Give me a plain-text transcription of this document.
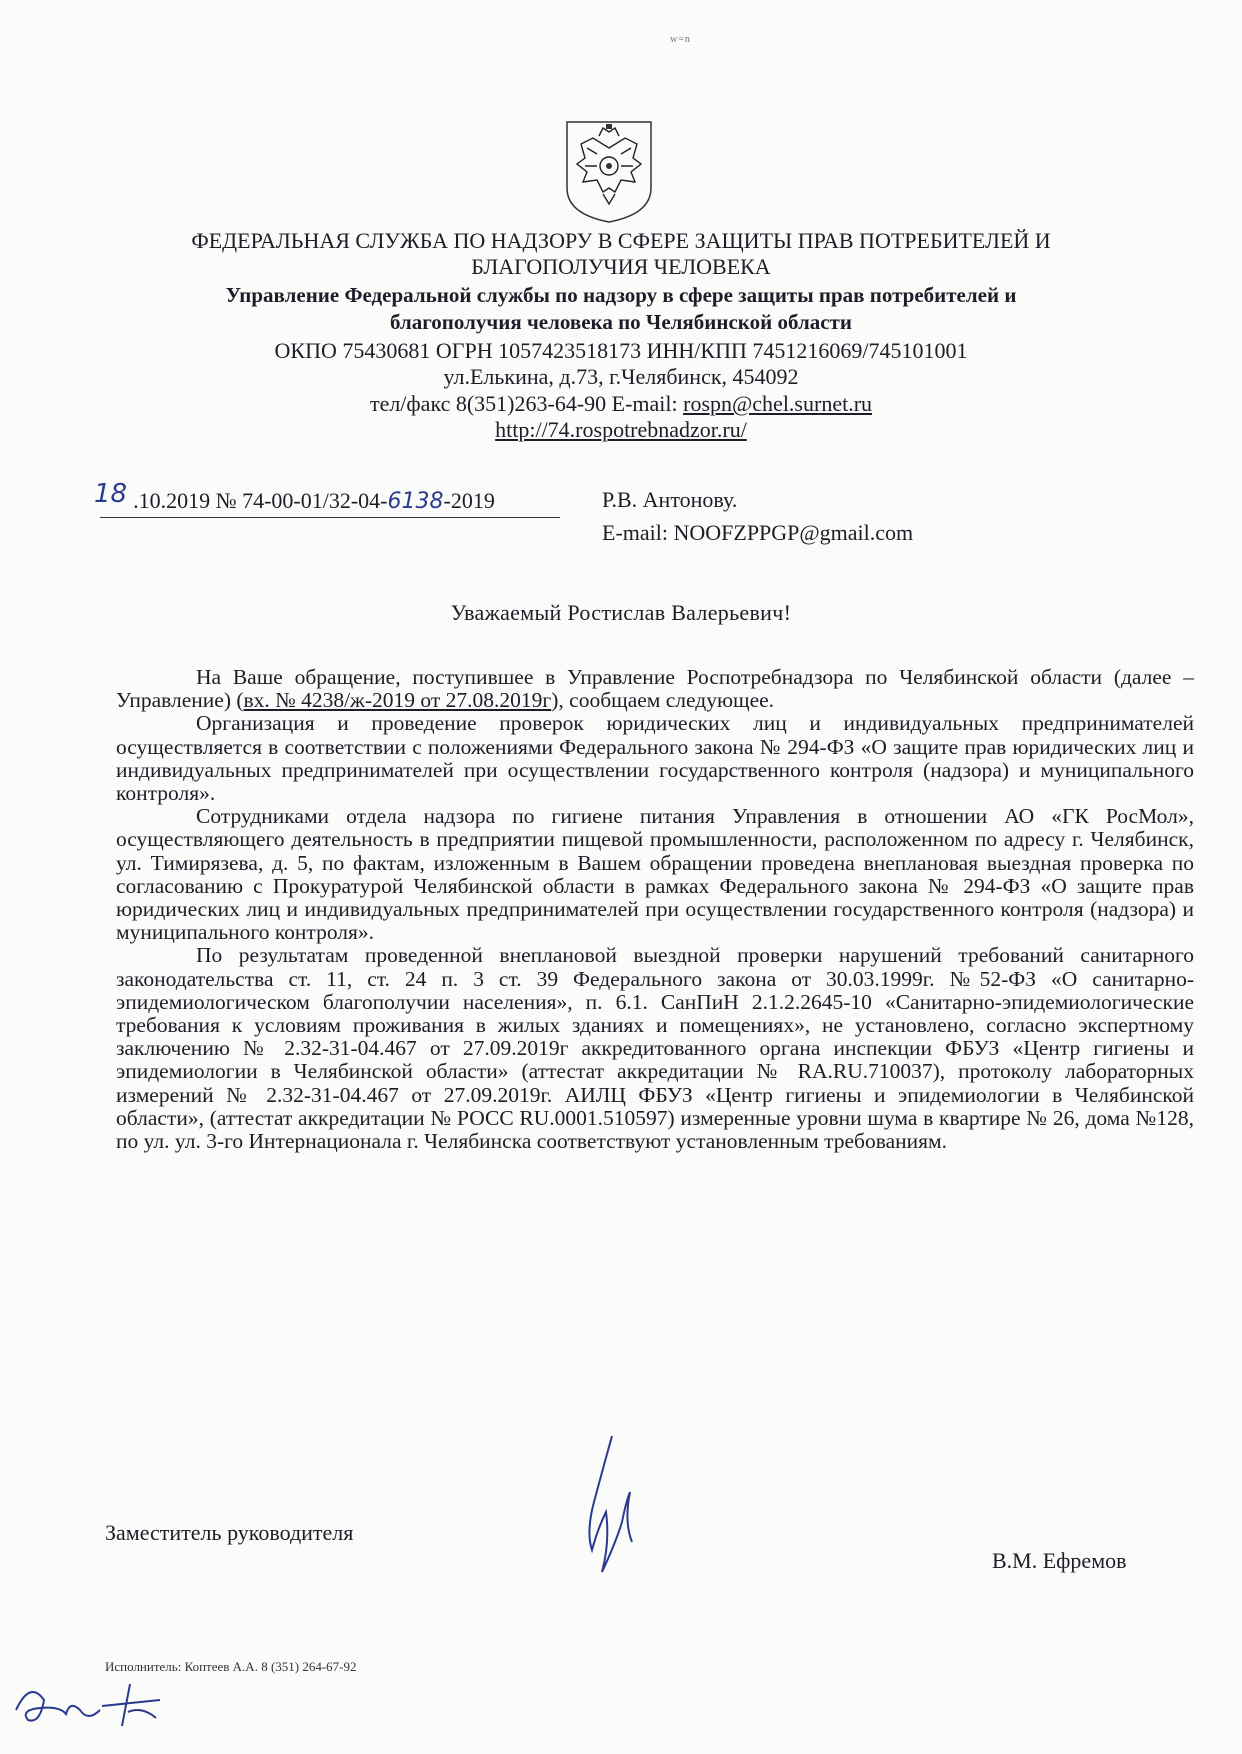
w=n
ФЕДЕРАЛЬНАЯ СЛУЖБА ПО НАДЗОРУ В СФЕРЕ ЗАЩИТЫ ПРАВ ПОТРЕБИТЕЛЕЙ И
БЛАГОПОЛУЧИЯ ЧЕЛОВЕКА
Управление Федеральной службы по надзору в сфере защиты прав потребителей и
благополучия человека по Челябинской области
ОКПО 75430681 ОГРН 1057423518173 ИНН/КПП 7451216069/745101001
ул.Елькина, д.73, г.Челябинск, 454092
тел/факс 8(351)263-64-90 E-mail: rospn@chel.surnet.ru
http://74.rospotrebnadzor.ru/
18 .10.2019 № 74-00-01/32-04-6138-2019	Р.В. Антонову.
E-mail: NOOFZPPGP@gmail.com
Уважаемый Ростислав Валерьевич!

На Ваше обращение, поступившее в Управление Роспотребнадзора по Челябинской области (далее – Управление) (вх. № 4238/ж-2019 от 27.08.2019г), сообщаем следующее.

Организация и проведение проверок юридических лиц и индивидуальных предпринимателей осуществляется в соответствии с положениями Федерального закона № 294-ФЗ «О защите прав юридических лиц и индивидуальных предпринимателей при осуществлении государственного контроля (надзора) и муниципального контроля».

Сотрудниками отдела надзора по гигиене питания Управления в отношении АО «ГК РосМол», осуществляющего деятельность в предприятии пищевой промышленности, расположенном по адресу г. Челябинск, ул. Тимирязева, д. 5, по фактам, изложенным в Вашем обращении проведена внеплановая выездная проверка по согласованию с Прокуратурой Челябинской области в рамках Федерального закона № 294-ФЗ «О защите прав юридических лиц и индивидуальных предпринимателей при осуществлении государственного контроля (надзора) и муниципального контроля».

По результатам проведенной внеплановой выездной проверки нарушений требований санитарного законодательства ст. 11, ст. 24 п. 3 ст. 39 Федерального закона от 30.03.1999г. №52-ФЗ «О санитарно-эпидемиологическом благополучии населения», п. 6.1. СанПиН 2.1.2.2645-10 «Санитарно-эпидемиологические требования к условиям проживания в жилых зданиях и помещениях», не установлено, согласно экспертному заключению № 2.32-31-04.467 от 27.09.2019г аккредитованного органа инспекции ФБУЗ «Центр гигиены и эпидемиологии в Челябинской области» (аттестат аккредитации № RA.RU.710037), протоколу лабораторных измерений № 2.32-31-04.467 от 27.09.2019г. АИЛЦ ФБУЗ «Центр гигиены и эпидемиологии в Челябинской области», (аттестат аккредитации № РОСС RU.0001.510597) измеренные уровни шума в квартире № 26, дома №128, по ул. ул. 3-го Интернационала г. Челябинска соответствуют установленным требованиям.

Заместитель руководителя
В.М. Ефремов
Исполнитель: Коптеев А.А. 8 (351) 264-67-92
